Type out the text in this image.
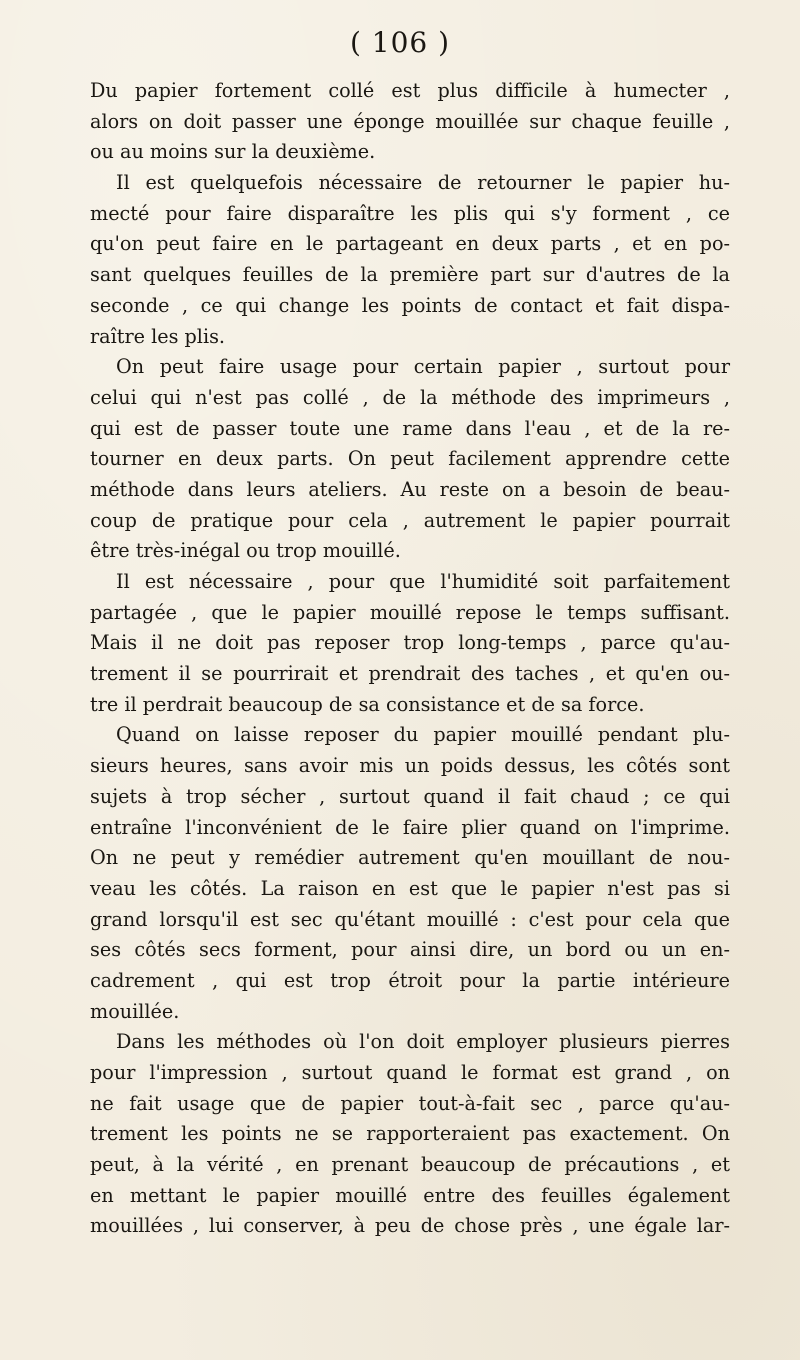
( 106 )
Du papier fortement collé est plus difficile à humecter ,
alors on doit passer une éponge mouillée sur chaque feuille ,
ou au moins sur la deuxième.
Il est quelquefois nécessaire de retourner le papier hu-
mecté pour faire disparaître les plis qui s'y forment , ce
qu'on peut faire en le partageant en deux parts , et en po-
sant quelques feuilles de la première part sur d'autres de la
seconde , ce qui change les points de contact et fait dispa-
raître les plis.
On peut faire usage pour certain papier , surtout pour
celui qui n'est pas collé , de la méthode des imprimeurs ,
qui est de passer toute une rame dans l'eau , et de la re-
tourner en deux parts. On peut facilement apprendre cette
méthode dans leurs ateliers. Au reste on a besoin de beau-
coup de pratique pour cela , autrement le papier pourrait
être très-inégal ou trop mouillé.
Il est nécessaire , pour que l'humidité soit parfaitement
partagée , que le papier mouillé repose le temps suffisant.
Mais il ne doit pas reposer trop long-temps , parce qu'au-
trement il se pourrirait et prendrait des taches , et qu'en ou-
tre il perdrait beaucoup de sa consistance et de sa force.
Quand on laisse reposer du papier mouillé pendant plu-
sieurs heures, sans avoir mis un poids dessus, les côtés sont
sujets à trop sécher , surtout quand il fait chaud ; ce qui
entraîne l'inconvénient de le faire plier quand on l'imprime.
On ne peut y remédier autrement qu'en mouillant de nou-
veau les côtés. La raison en est que le papier n'est pas si
grand lorsqu'il est sec qu'étant mouillé : c'est pour cela que
ses côtés secs forment, pour ainsi dire, un bord ou un en-
cadrement , qui est trop étroit pour la partie intérieure
mouillée.
Dans les méthodes où l'on doit employer plusieurs pierres
pour l'impression , surtout quand le format est grand , on
ne fait usage que de papier tout-à-fait sec , parce qu'au-
trement les points ne se rapporteraient pas exactement. On
peut, à la vérité , en prenant beaucoup de précautions , et
en mettant le papier mouillé entre des feuilles également
mouillées , lui conserver, à peu de chose près , une égale lar-
